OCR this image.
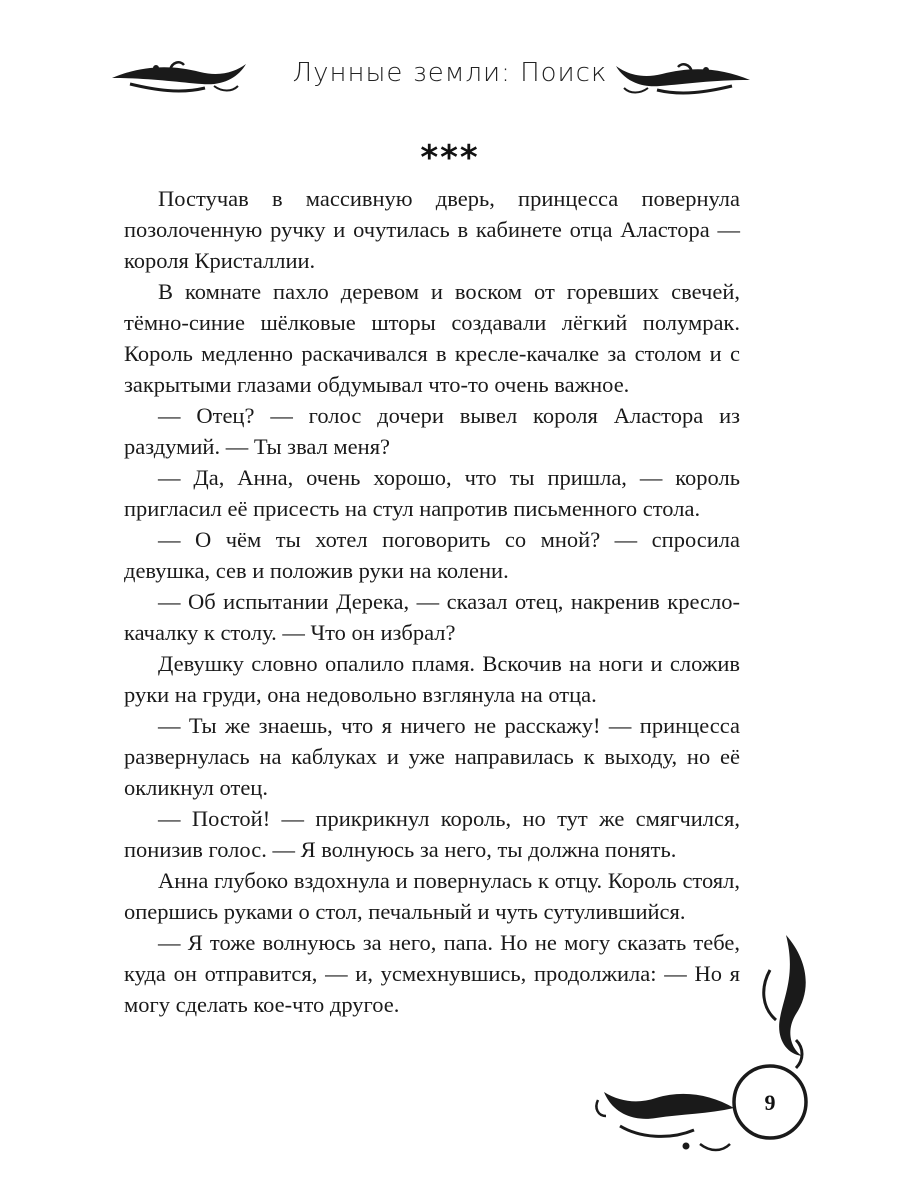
Лунные земли: Поиск
***

Постучав в массивную дверь, принцесса повернула позолоченную ручку и очутилась в кабинете отца Аластора — короля Кристаллии.

В комнате пахло деревом и воском от горевших свечей, тёмно-синие шёлковые шторы создавали лёгкий полумрак. Король медленно раскачивался в кресле-качалке за столом и с закрытыми глазами обдумывал что-то очень важное.

— Отец? — голос дочери вывел короля Аластора из раздумий. — Ты звал меня?

— Да, Анна, очень хорошо, что ты пришла, — король пригласил её присесть на стул напротив письменного стола.

— О чём ты хотел поговорить со мной? — спросила девушка, сев и положив руки на колени.

— Об испытании Дерека, — сказал отец, накренив кресло-качалку к столу. — Что он избрал?

Девушку словно опалило пламя. Вскочив на ноги и сложив руки на груди, она недовольно взглянула на отца.

— Ты же знаешь, что я ничего не расскажу! — принцесса развернулась на каблуках и уже направилась к выходу, но её окликнул отец.

— Постой! — прикрикнул король, но тут же смягчился, понизив голос. — Я волнуюсь за него, ты должна понять.

Анна глубоко вздохнула и повернулась к отцу. Король стоял, опершись руками о стол, печальный и чуть сутулившийся.

— Я тоже волнуюсь за него, папа. Но не могу сказать тебе, куда он отправится, — и, усмехнувшись, продолжила: — Но я могу сделать кое-что другое.

9
